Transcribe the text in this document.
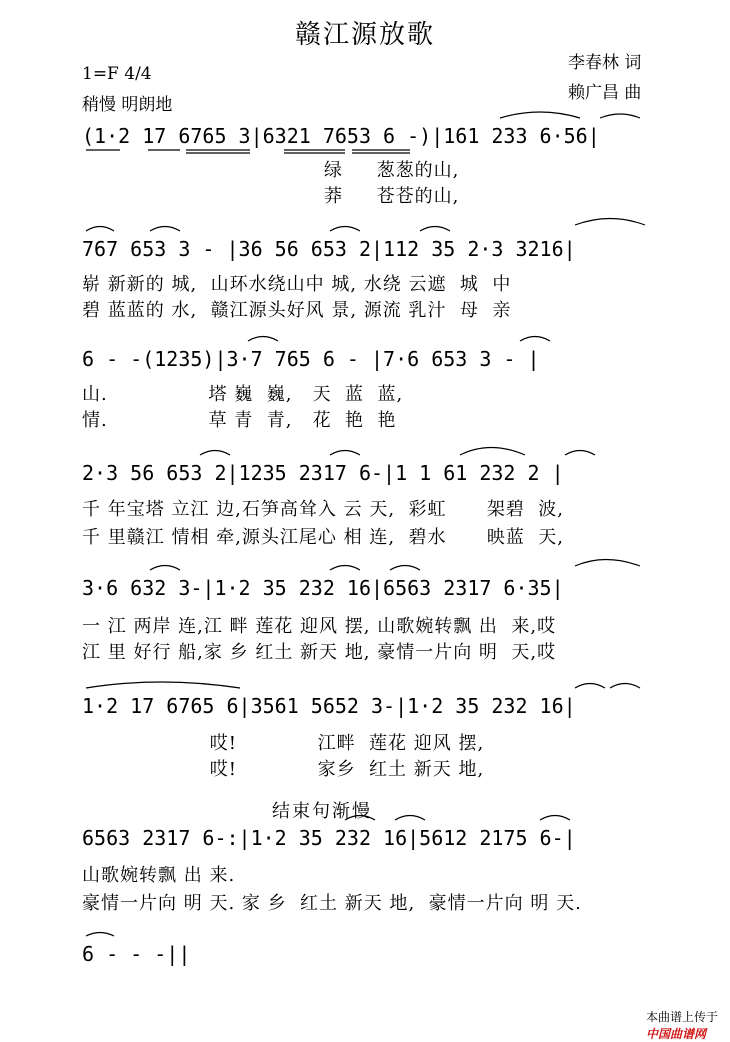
赣江源放歌
李春林 词
赖广昌 曲
1=F 4/4
稍慢 明朗地
(1·2 17 6765 3|6321 7653 6 -)|161 233 6·56|
绿     葱葱的山,
莽     苍苍的山,
767 653 3 - |36 56 653 2|112 35 2·3 3216|
崭 新新的 城,  山环水绕山中 城, 水绕 云遮  城  中
碧 蓝蓝的 水,  赣江源头好风 景, 源流 乳汁  母  亲
6 - -(1235)|3·7 765 6 - |7·6 653 3 - |
山.               塔 巍  巍,   天  蓝  蓝,
情.               草 青  青,   花  艳  艳
2·3 56 653 2|1235 2317 6-|1 1 61 232 2 |
千 年宝塔 立江 边,石笋高耸入 云 天,  彩虹      架碧  波,
千 里赣江 情相 牵,源头江尾心 相 连,  碧水      映蓝  天,
3·6 632 3-|1·2 35 232 16|6563 2317 6·35|
一 江 两岸 连,江 畔 莲花 迎风 摆, 山歌婉转飘 出  来,哎
江 里 好行 船,家 乡 红土 新天 地, 豪情一片向 明  天,哎
1·2 17 6765 6|3561 5652 3-|1·2 35 232 16|
哎!            江畔  莲花 迎风 摆,
哎!            家乡  红土 新天 地,
结束句渐慢
6563 2317 6-:|1·2 35 232 16|5612 2175 6-|
山歌婉转飘 出 来.
豪情一片向 明 天. 家 乡  红土 新天 地,  豪情一片向 明 天.
6 - - -||

本曲谱上传于
中国曲谱网
